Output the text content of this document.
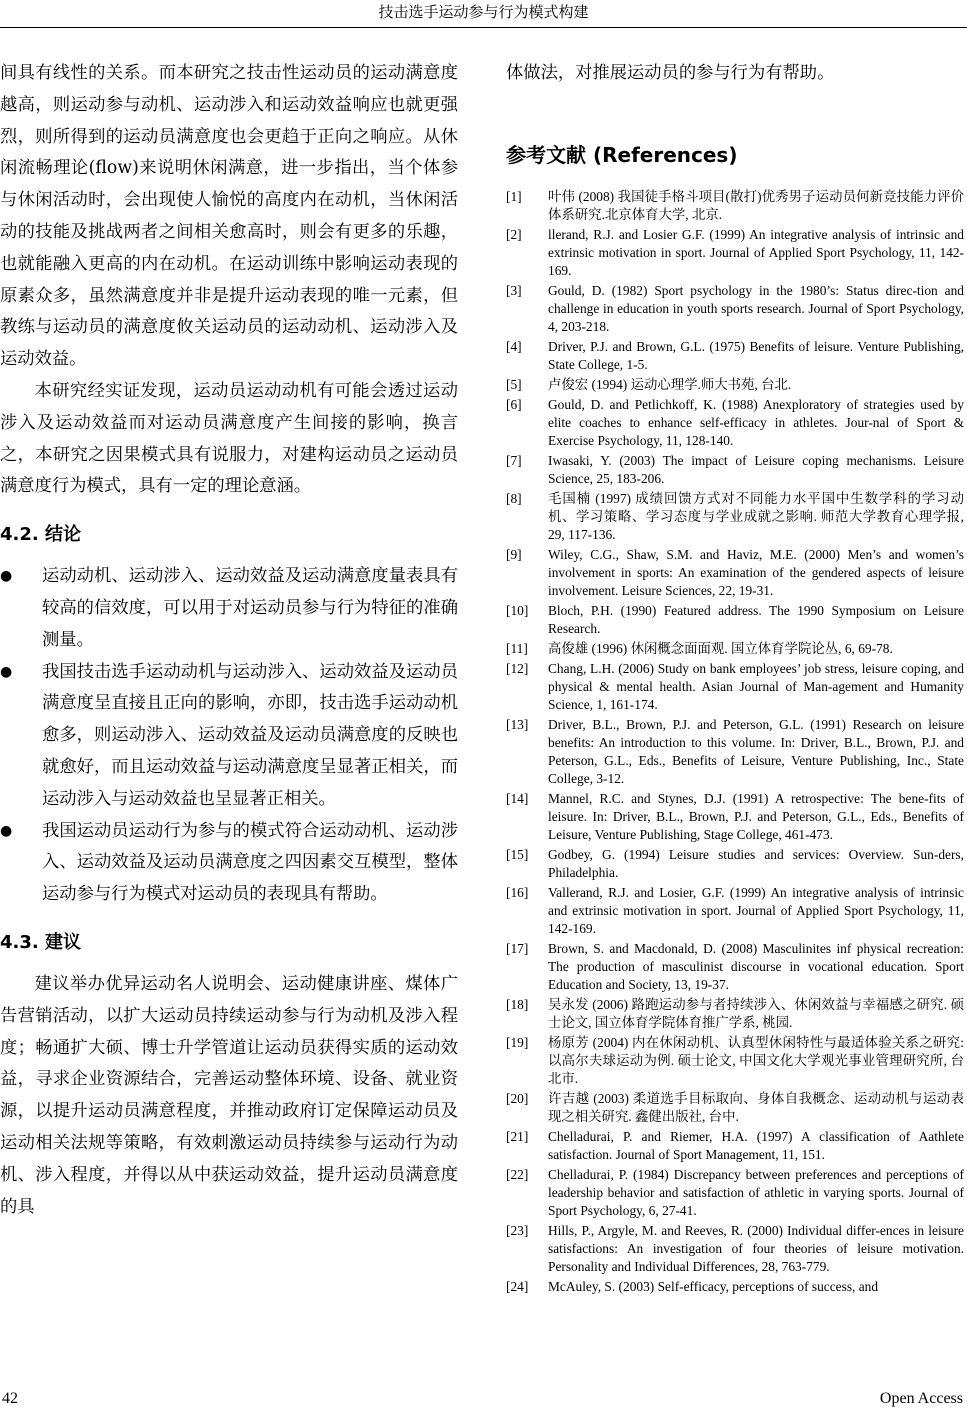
技击选手运动参与行为模式构建

间具有线性的关系。而本研究之技击性运动员的运动满意度越高，则运动参与动机、运动涉入和运动效益响应也就更强烈，则所得到的运动员满意度也会更趋于正向之响应。从休闲流畅理论(flow)来说明休闲满意，进一步指出，当个体参与休闲活动时，会出现使人愉悦的高度内在动机，当休闲活动的技能及挑战两者之间相关愈高时，则会有更多的乐趣，也就能融入更高的内在动机。在运动训练中影响运动表现的原素众多，虽然满意度并非是提升运动表现的唯一元素，但教练与运动员的满意度攸关运动员的运动动机、运动涉入及运动效益。

本研究经实证发现，运动员运动动机有可能会透过运动涉入及运动效益而对运动员满意度产生间接的影响，换言之，本研究之因果模式具有说服力，对建构运动员之运动员满意度行为模式，具有一定的理论意涵。

4.2. 结论
● 运动动机、运动涉入、运动效益及运动满意度量表具有较高的信效度，可以用于对运动员参与行为特征的准确测量。

● 我国技击选手运动动机与运动涉入、运动效益及运动员满意度呈直接且正向的影响，亦即，技击选手运动动机愈多，则运动涉入、运动效益及运动员满意度的反映也就愈好，而且运动效益与运动满意度呈显著正相关，而运动涉入与运动效益也呈显著正相关。

● 我国运动员运动行为参与的模式符合运动动机、运动涉入、运动效益及运动员满意度之四因素交互模型，整体运动参与行为模式对运动员的表现具有帮助。

4.3. 建议

建议举办优异运动名人说明会、运动健康讲座、煤体广告营销活动，以扩大运动员持续运动参与行为动机及涉入程度；畅通扩大硕、博士升学管道让运动员获得实质的运动效益，寻求企业资源结合，完善运动整体环境、设备、就业资源，以提升运动员满意程度，并推动政府订定保障运动员及运动相关法规等策略，有效刺激运动员持续参与运动行为动机、涉入程度，并得以从中获运动效益，提升运动员满意度的具

体做法，对推展运动员的参与行为有帮助。

参考文献 (References)
[1] 叶伟 (2008) 我国徒手格斗项目(散打)优秀男子运动员何新竞技能力评价体系研究.北京体育大学, 北京.
[2] llerand, R.J. and Losier G.F. (1999) An integrative analysis of intrinsic and extrinsic motivation in sport. Journal of Applied Sport Psychology, 11, 142-169.
[3] Gould, D. (1982) Sport psychology in the 1980’s: Status direc-tion and challenge in education in youth sports research. Journal of Sport Psychology, 4, 203-218.
[4] Driver, P.J. and Brown, G.L. (1975) Benefits of leisure. Venture Publishing, State College, 1-5.
[5] 卢俊宏 (1994) 运动心理学.师大书苑, 台北.
[6] Gould, D. and Petlichkoff, K. (1988) Anexploratory of strategies used by elite coaches to enhance self-efficacy in athletes. Jour-nal of Sport & Exercise Psychology, 11, 128-140.
[7] Iwasaki, Y. (2003) The impact of Leisure coping mechanisms. Leisure Science, 25, 183-206.
[8] 毛国楠 (1997) 成绩回馈方式对不同能力水平国中生数学科的学习动机、学习策略、学习态度与学业成就之影响. 师范大学教育心理学报, 29, 117-136.
[9] Wiley, C.G., Shaw, S.M. and Haviz, M.E. (2000) Men’s and women’s involvement in sports: An examination of the gendered aspects of leisure involvement. Leisure Sciences, 22, 19-31.
[10] Bloch, P.H. (1990) Featured address. The 1990 Symposium on Leisure Research.
[11] 高俊雄 (1996) 休闲概念面面观. 国立体育学院论丛, 6, 69-78.
[12] Chang, L.H. (2006) Study on bank employees’ job stress, leisure coping, and physical & mental health. Asian Journal of Man-agement and Humanity Science, 1, 161-174.
[13] Driver, B.L., Brown, P.J. and Peterson, G.L. (1991) Research on leisure benefits: An introduction to this volume. In: Driver, B.L., Brown, P.J. and Peterson, G.L., Eds., Benefits of Leisure, Venture Publishing, Inc., State College, 3-12.
[14] Mannel, R.C. and Stynes, D.J. (1991) A retrospective: The bene-fits of leisure. In: Driver, B.L., Brown, P.J. and Peterson, G.L., Eds., Benefits of Leisure, Venture Publishing, Stage College, 461-473.
[15] Godbey, G. (1994) Leisure studies and services: Overview. Sun-ders, Philadelphia.
[16] Vallerand, R.J. and Losier, G.F. (1999) An integrative analysis of intrinsic and extrinsic motivation in sport. Journal of Applied Sport Psychology, 11, 142-169.
[17] Brown, S. and Macdonald, D. (2008) Masculinites inf physical recreation: The production of masculinist discourse in vocational education. Sport Education and Society, 13, 19-37.
[18] 吴永发 (2006) 路跑运动参与者持续涉入、休闲效益与幸福感之研究. 硕士论文, 国立体育学院体育推广学系, 桃园.
[19] 杨原芳 (2004) 内在休闲动机、认真型休闲特性与最适体验关系之研究: 以高尔夫球运动为例. 硕士论文, 中国文化大学观光事业管理研究所, 台北市.
[20] 许吉越 (2003) 柔道选手目标取向、身体自我概念、运动动机与运动表现之相关研究. 鑫健出版社, 台中.
[21] Chelladurai, P. and Riemer, H.A. (1997) A classification of Aathlete satisfaction. Journal of Sport Management, 11, 151.
[22] Chelladurai, P. (1984) Discrepancy between preferences and perceptions of leadership behavior and satisfaction of athletic in varying sports. Journal of Sport Psychology, 6, 27-41.
[23] Hills, P., Argyle, M. and Reeves, R. (2000) Individual differ-ences in leisure satisfactions: An investigation of four theories of leisure motivation. Personality and Individual Differences, 28, 763-779.
[24] McAuley, S. (2003) Self-efficacy, perceptions of success, and
42	Open Access
